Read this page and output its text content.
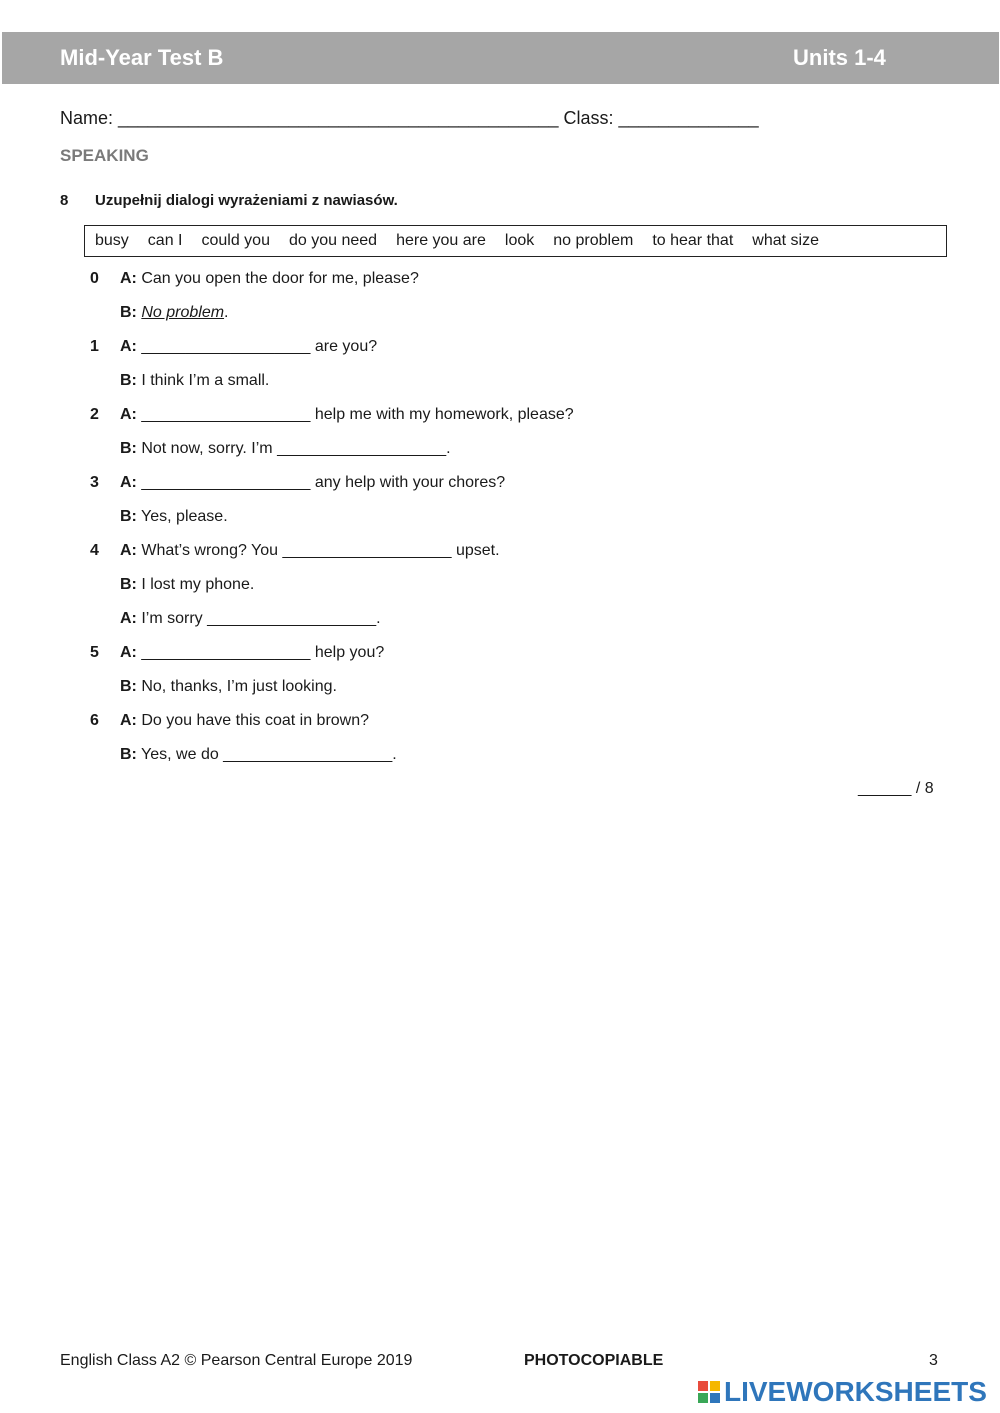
Mid-Year Test B	Units 1-4
Name: ____________________________________________ Class: ______________
SPEAKING
8 Uzupełnij dialogi wyrażeniami z nawiasów.
busy can I could you do you need here you are look no problem to hear that what size
0 A: Can you open the door for me, please?
B: No problem.
1 A: ___________________ are you?
B: I think I’m a small.
2 A: ___________________ help me with my homework, please?
B: Not now, sorry. I’m ___________________.
3 A: ___________________ any help with your chores?
B: Yes, please.
4 A: What’s wrong? You ___________________ upset.
B: I lost my phone.
A: I’m sorry ___________________.
5 A: ___________________ help you?
B: No, thanks, I’m just looking.
6 A: Do you have this coat in brown?
B: Yes, we do ___________________.
______ / 8
English Class A2 © Pearson Central Europe 2019	PHOTOCOPIABLE	3
LIVEWORKSHEETS
